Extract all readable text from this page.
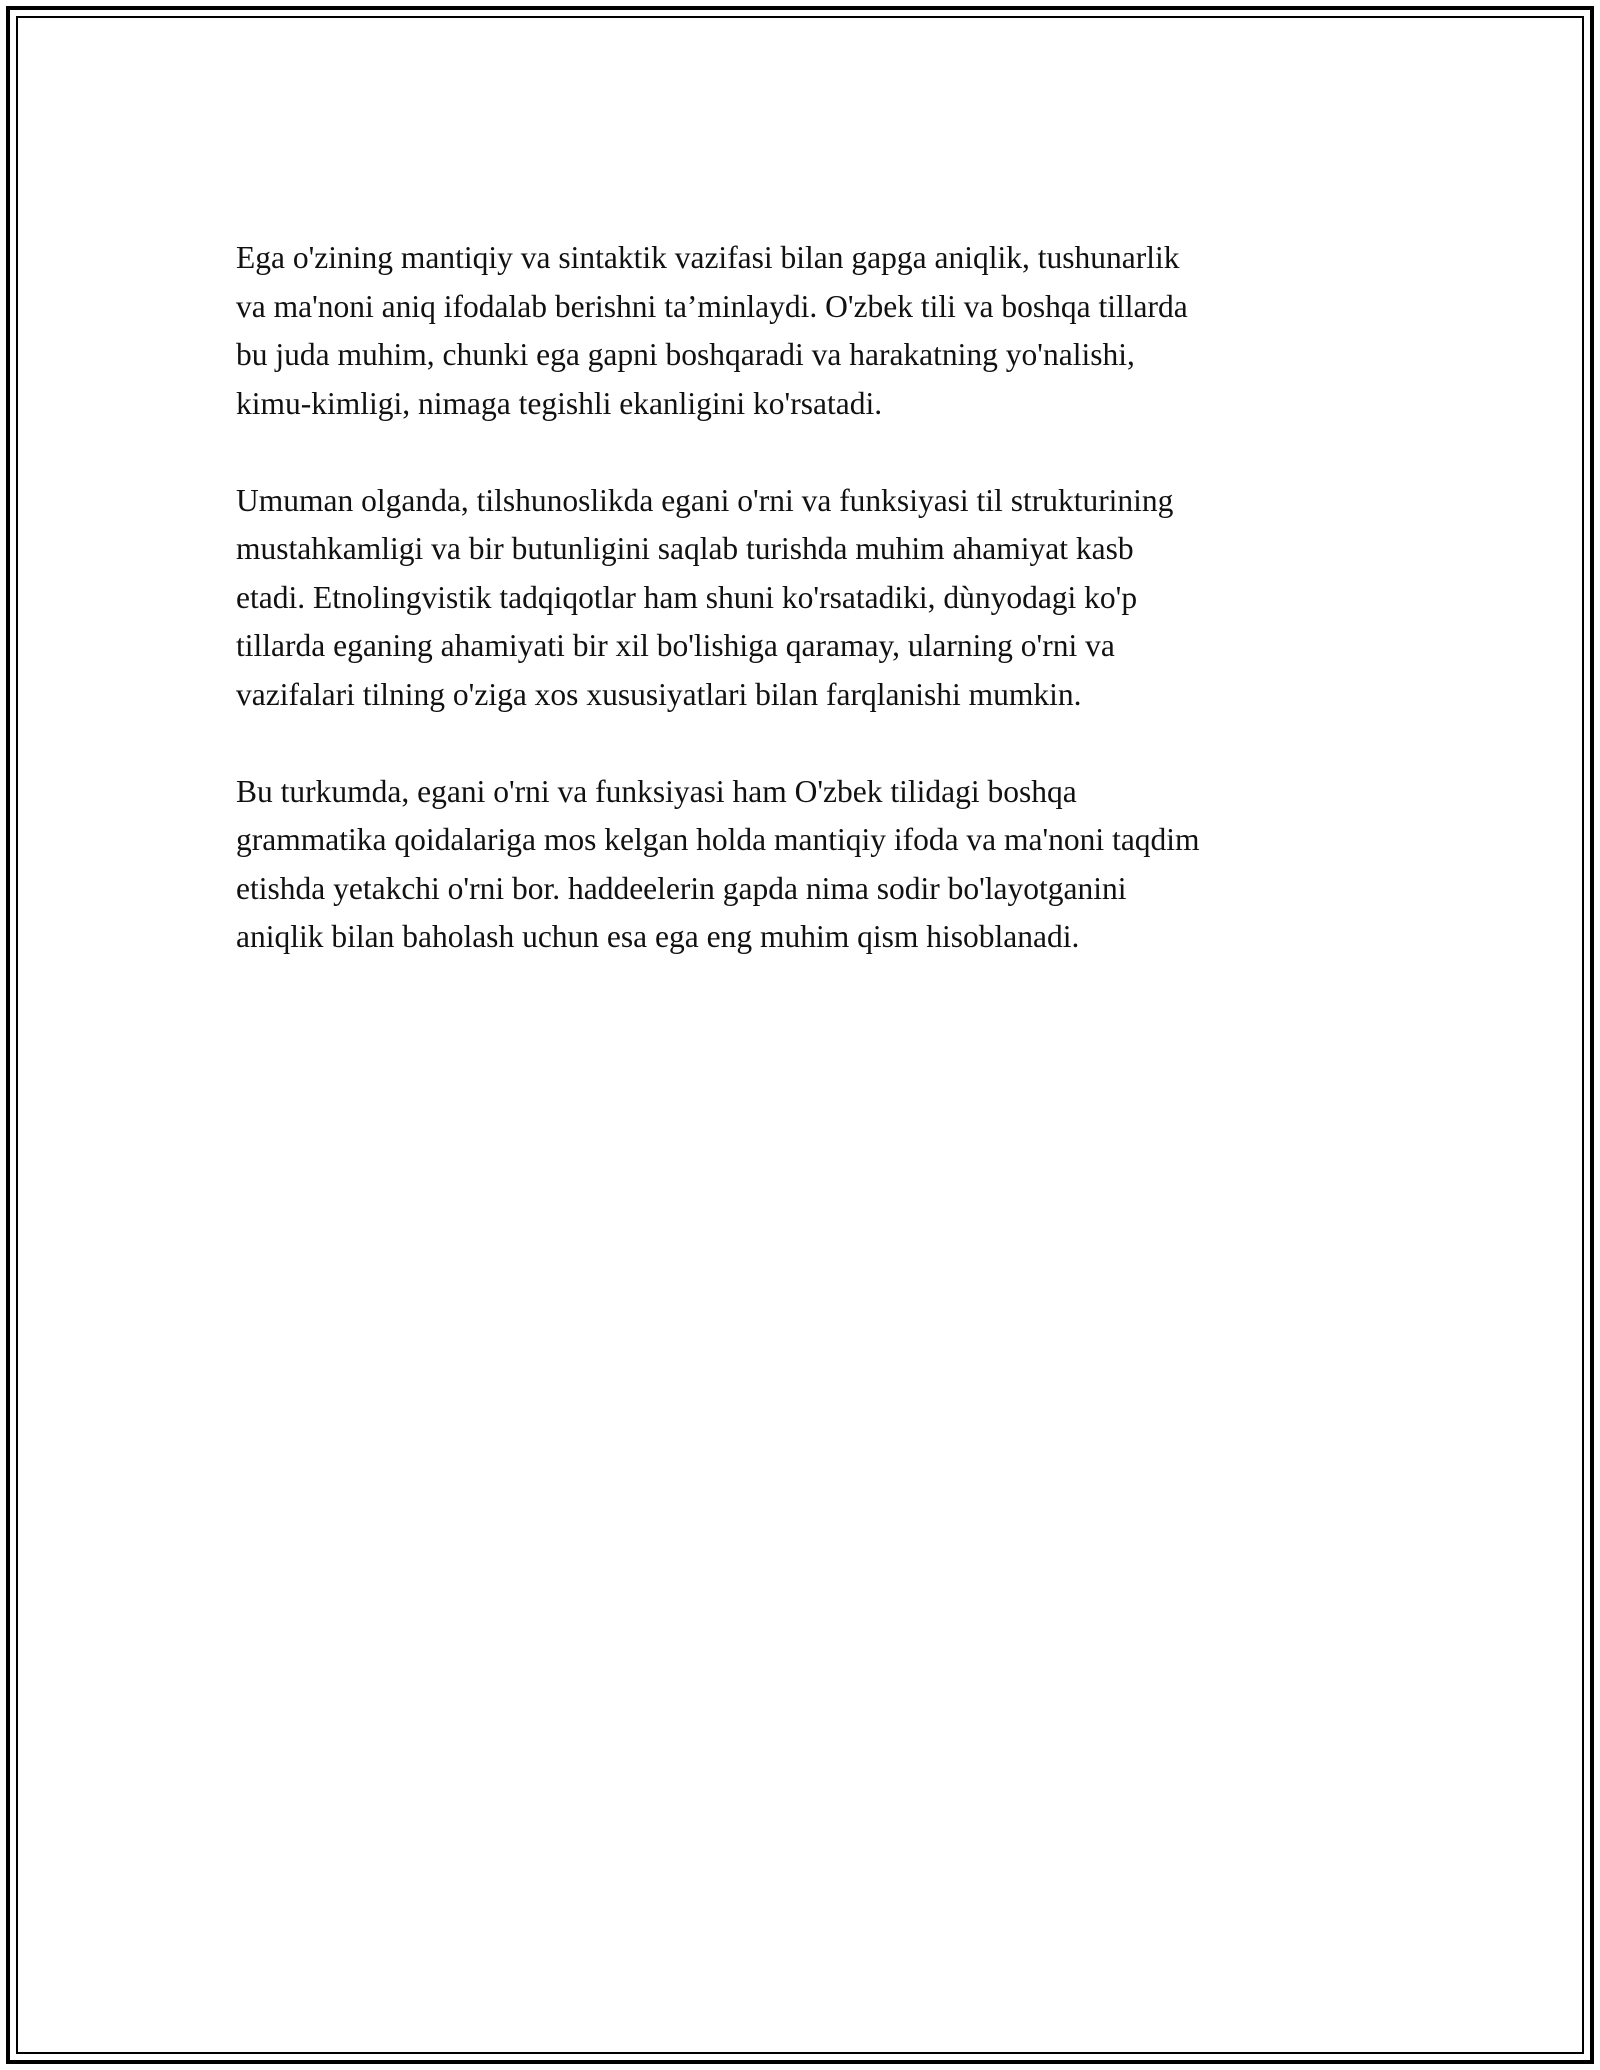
Ega o'zining mantiqiy va sintaktik vazifasi bilan gapga aniqlik, tushunarlik
va ma'noni aniq ifodalab berishni ta’minlaydi. O'zbek tili va boshqa tillarda
bu juda muhim, chunki ega gapni boshqaradi va harakatning yo'nalishi,
kimu-kimligi, nimaga tegishli ekanligini ko'rsatadi.

Umuman olganda, tilshunoslikda egani o'rni va funksiyasi til strukturining
mustahkamligi va bir butunligini saqlab turishda muhim ahamiyat kasb
etadi. Etnolingvistik tadqiqotlar ham shuni ko'rsatadiki, dùnyodagi ko'p
tillarda eganing ahamiyati bir xil bo'lishiga qaramay, ularning o'rni va
vazifalari tilning o'ziga xos xususiyatlari bilan farqlanishi mumkin.

Bu turkumda, egani o'rni va funksiyasi ham O'zbek tilidagi boshqa
grammatika qoidalariga mos kelgan holda mantiqiy ifoda va ma'noni taqdim
etishda yetakchi o'rni bor. haddeelerin gapda nima sodir bo'layotganini
aniqlik bilan baholash uchun esa ega eng muhim qism hisoblanadi.
